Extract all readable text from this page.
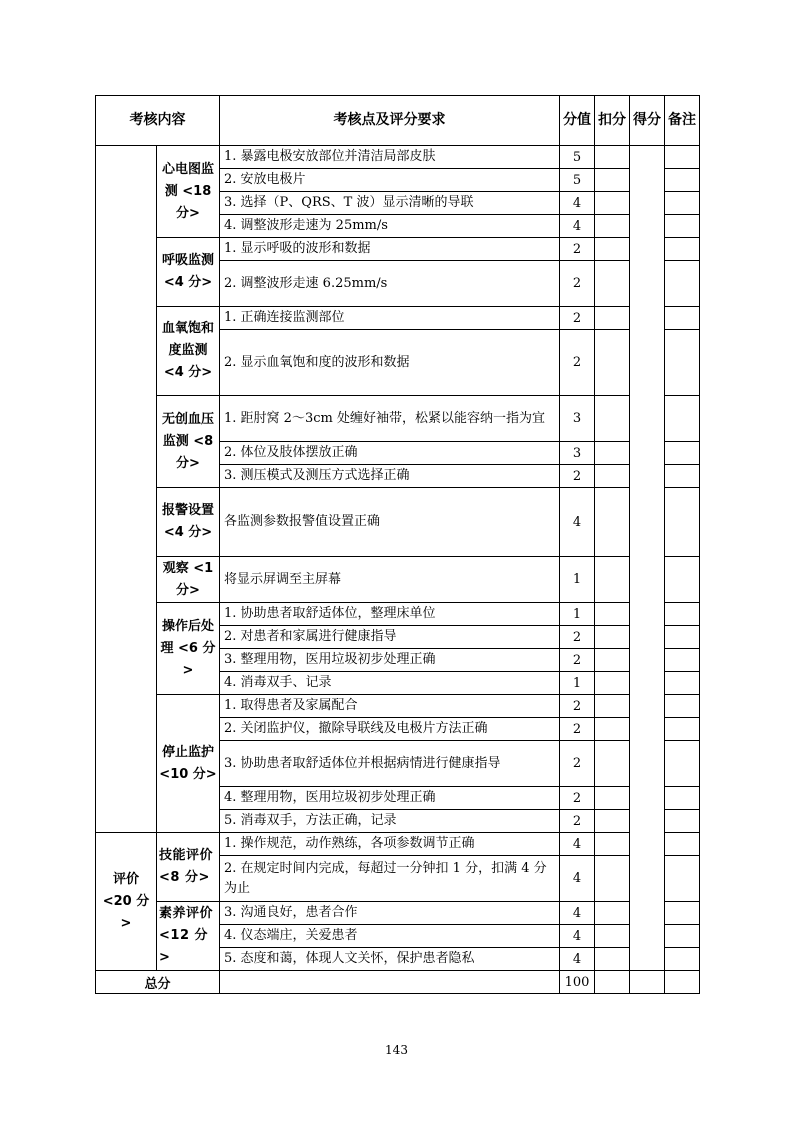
考核内容		考核点及评分要求	分值	扣分	得分	备注
	心电图监测 <18 分>	1. 暴露电极安放部位并清洁局部皮肤	5			
		2. 安放电极片	5			
		3. 选择（P、QRS、T 波）显示清晰的导联	4			
		4. 调整波形走速为 25mm/s	4			
	呼吸监测 <4 分>	1. 显示呼吸的波形和数据	2			
		2. 调整波形走速 6.25mm/s	2			
	血氧饱和度监测 <4 分>	1. 正确连接监测部位	2			
		2. 显示血氧饱和度的波形和数据	2			
	无创血压监测 <8 分>	1. 距肘窝 2～3cm 处缠好袖带，松紧以能容纳一指为宜	3			
		2. 体位及肢体摆放正确	3			
		3. 测压模式及测压方式选择正确	2			
	报警设置 <4 分>	各监测参数报警值设置正确	4			
	观察 <1 分>	将显示屏调至主屏幕	1			
	操作后处理 <6 分>	1. 协助患者取舒适体位，整理床单位	1			
		2. 对患者和家属进行健康指导	2			
		3. 整理用物，医用垃圾初步处理正确	2			
		4. 消毒双手、记录	1			
	停止监护 <10 分>	1. 取得患者及家属配合	2			
		2. 关闭监护仪，撤除导联线及电极片方法正确	2			
		3. 协助患者取舒适体位并根据病情进行健康指导	2			
		4. 整理用物，医用垃圾初步处理正确	2			
		5. 消毒双手，方法正确，记录	2			
评价 <20 分>	技能评价<8 分>	1. 操作规范，动作熟练，各项参数调节正确	4			
		2. 在规定时间内完成，每超过一分钟扣 1 分，扣满 4 分为止	4			
	素养评价 <12 分>	3. 沟通良好，患者合作	4			
		4. 仪态端庄，关爱患者	4			
		5. 态度和蔼，体现人文关怀，保护患者隐私	4			
总分			100			
143
